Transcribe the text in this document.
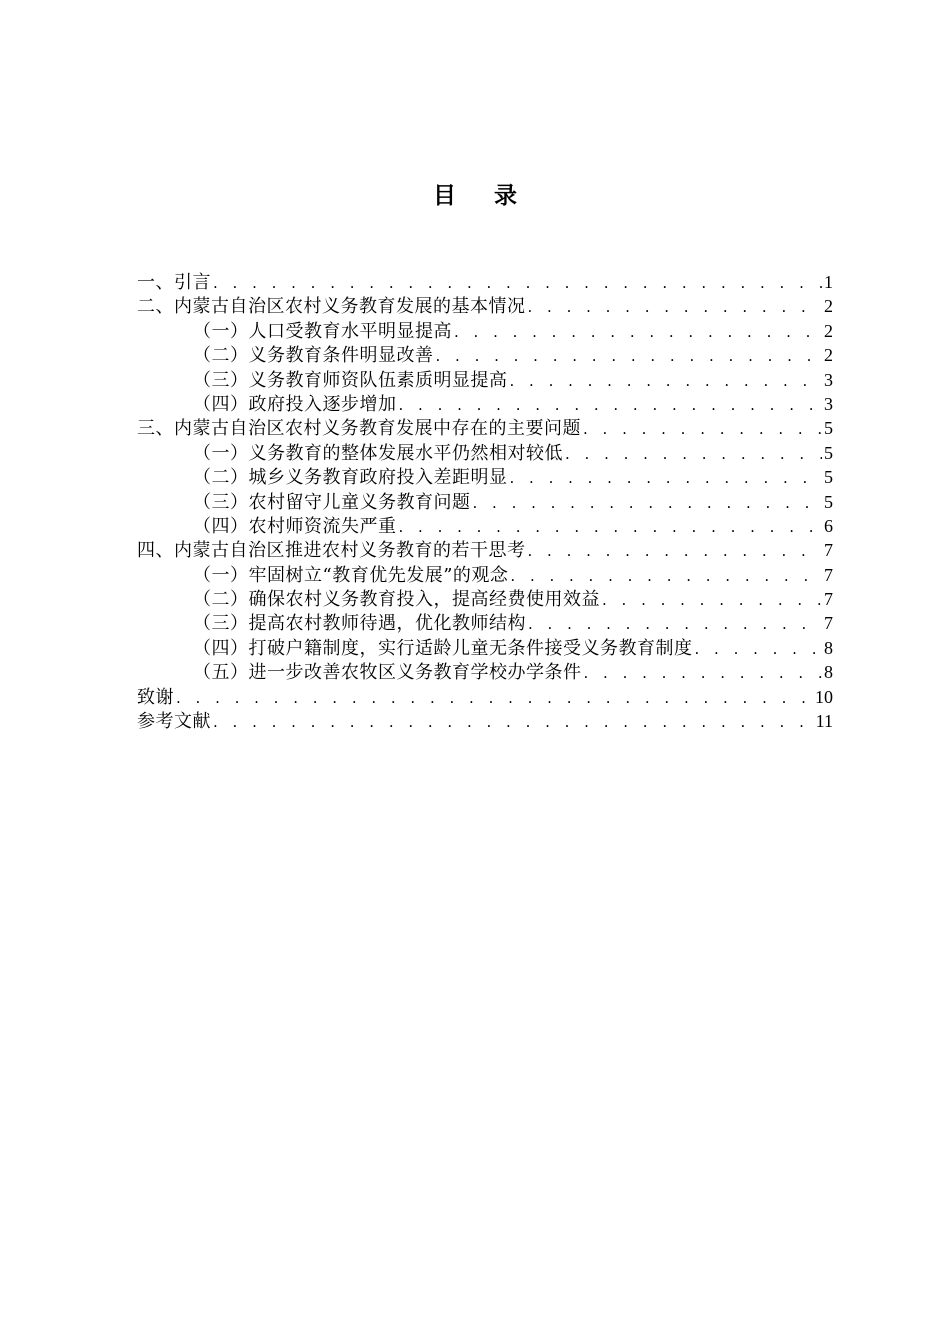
目 录
一、引言 . . .	1
二、内蒙古自治区农村义务教育发展的基本情况 . . .	2
（一）人口受教育水平明显提高 . . .	2
（二）义务教育条件明显改善 . . .	2
（三）义务教育师资队伍素质明显提高 . . .	3
（四）政府投入逐步增加 . . .	3
三、内蒙古自治区农村义务教育发展中存在的主要问题 . . .	5
（一）义务教育的整体发展水平仍然相对较低 . . .	5
（二）城乡义务教育政府投入差距明显 . . .	5
（三）农村留守儿童义务教育问题 . . .	5
（四）农村师资流失严重 . . .	6
四、内蒙古自治区推进农村义务教育的若干思考 . . .	7
（一）牢固树立“教育优先发展”的观念 . . .	7
（二）确保农村义务教育投入，提高经费使用效益 . . .	7
（三）提高农村教师待遇，优化教师结构 . . .	7
（四）打破户籍制度，实行适龄儿童无条件接受义务教育制度 . . .	8
（五）进一步改善农牧区义务教育学校办学条件 . . .	8
致谢 . . .	10
参考文献 . . .	11
